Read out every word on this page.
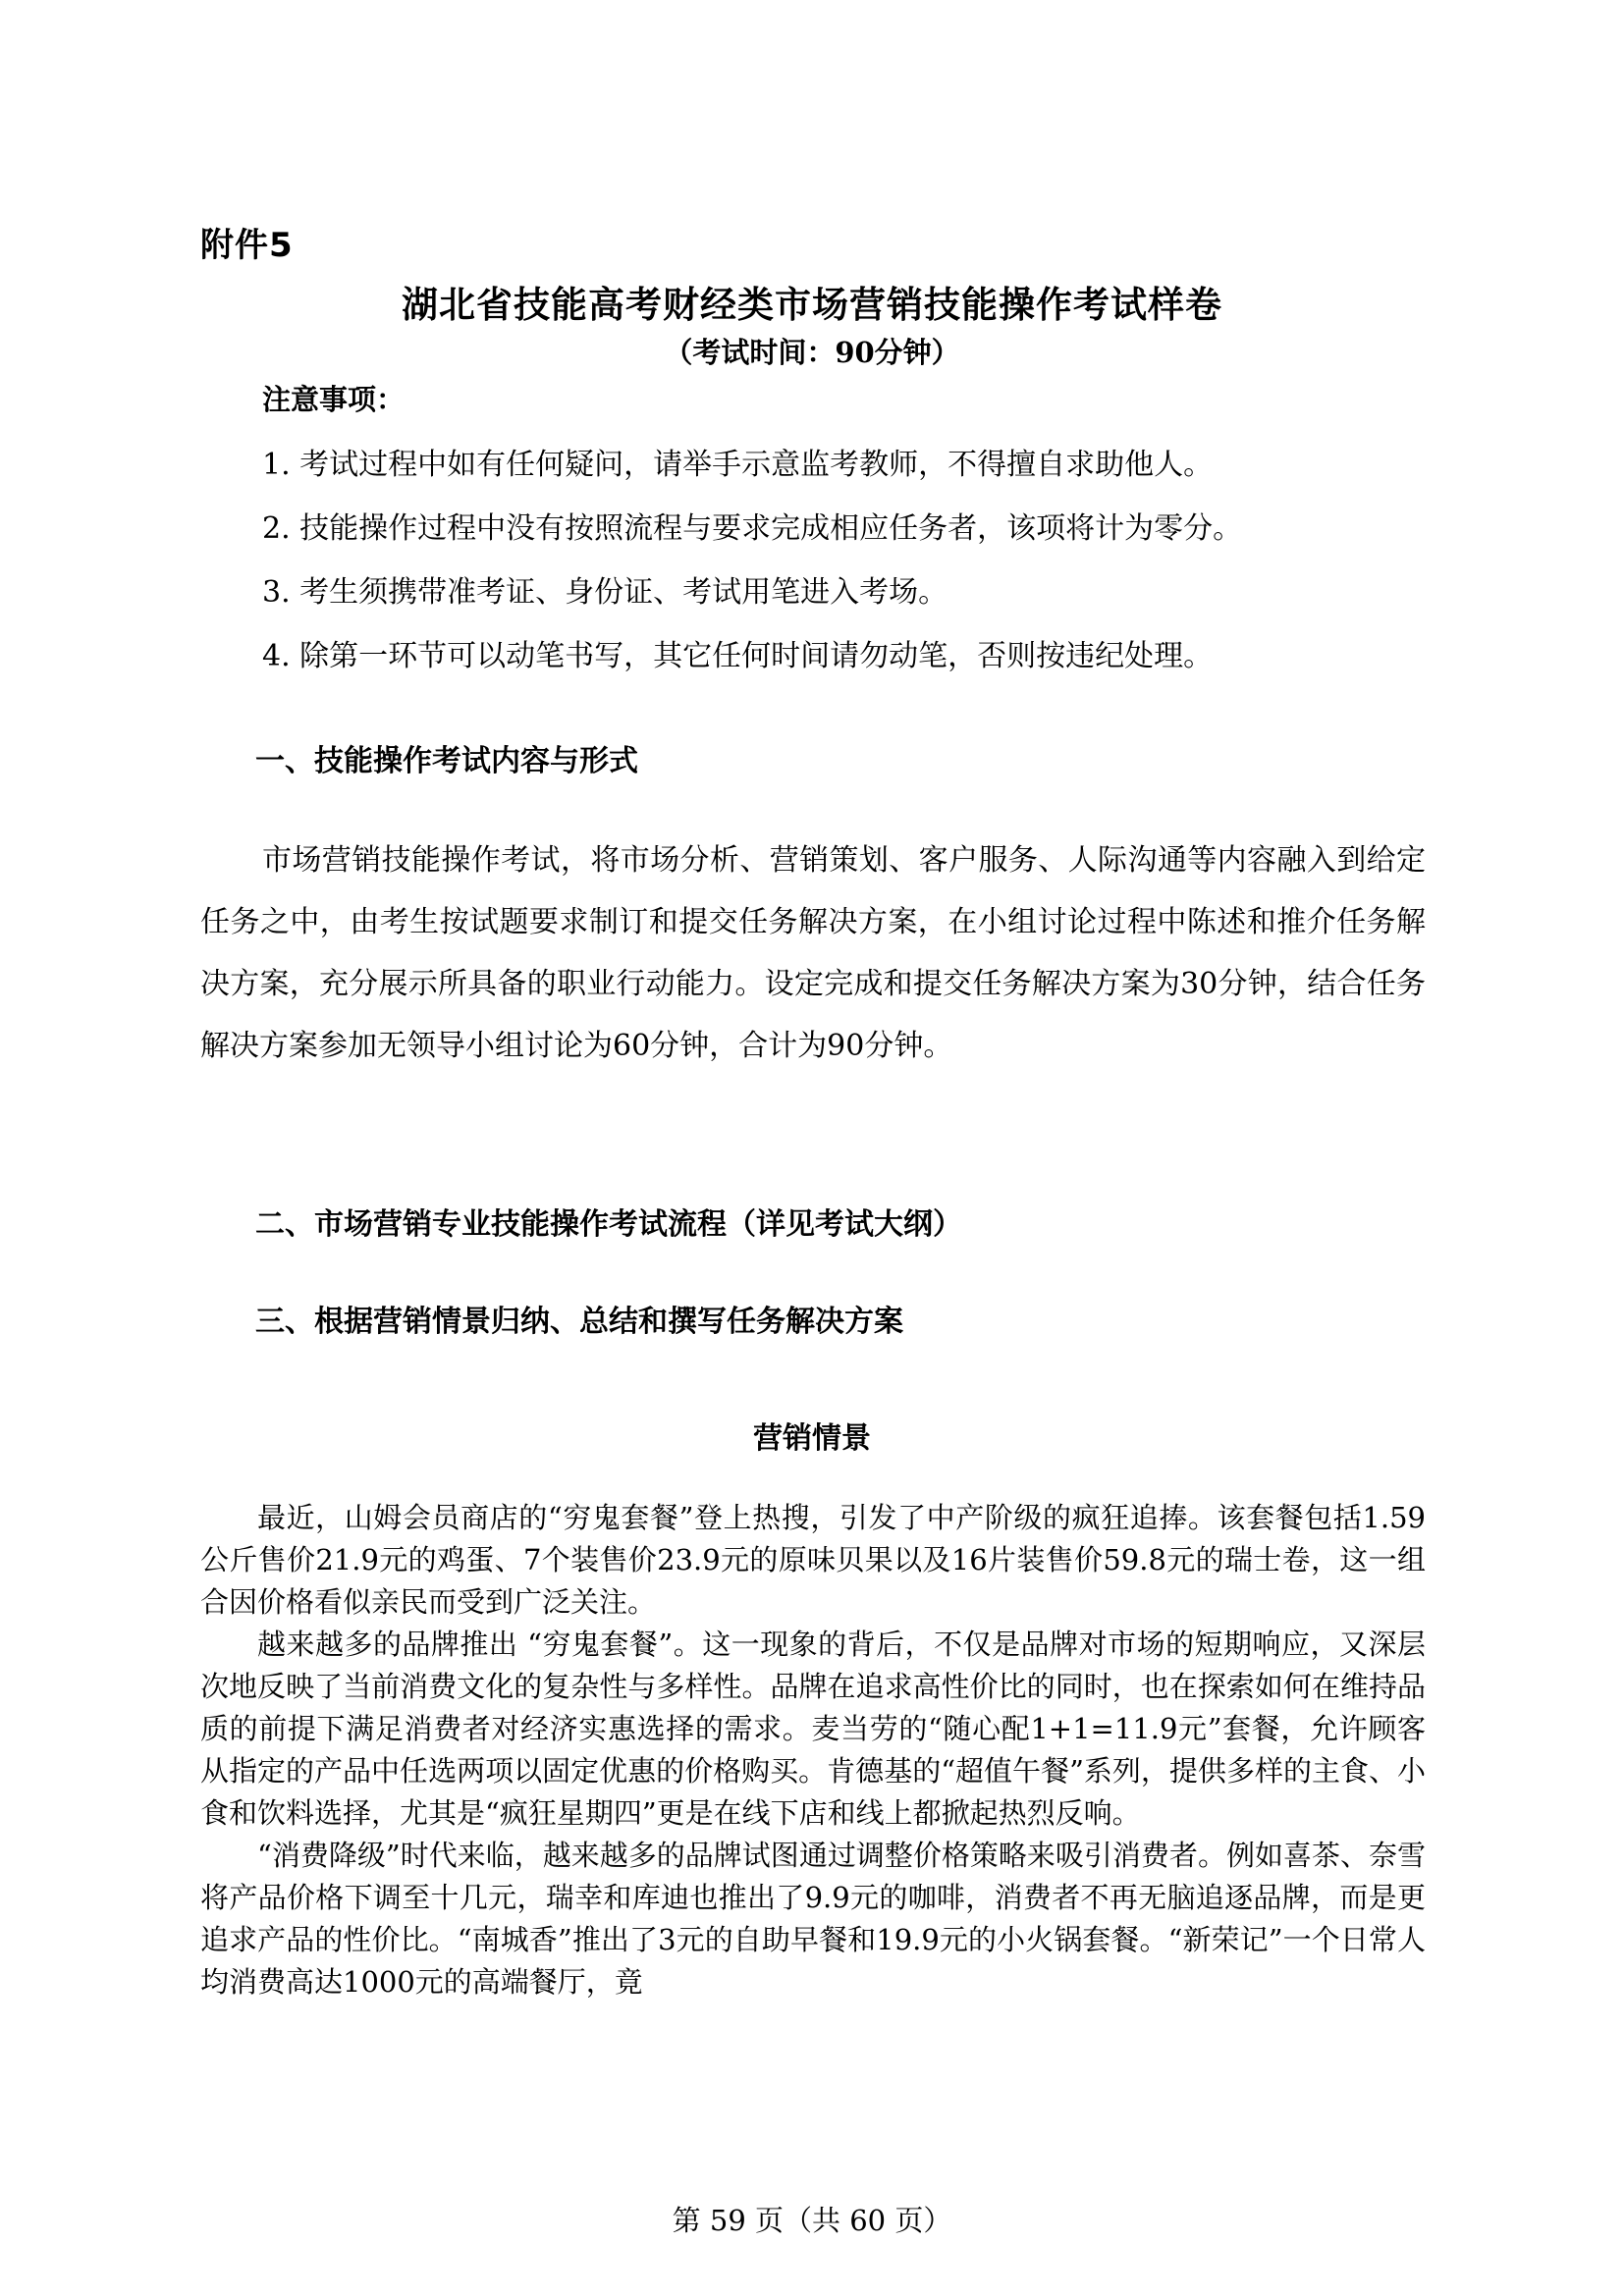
附件5
湖北省技能高考财经类市场营销技能操作考试样卷
（考试时间：90分钟）
注意事项：
1. 考试过程中如有任何疑问，请举手示意监考教师，不得擅自求助他人。
2. 技能操作过程中没有按照流程与要求完成相应任务者，该项将计为零分。
3. 考生须携带准考证、身份证、考试用笔进入考场。
4. 除第一环节可以动笔书写，其它任何时间请勿动笔，否则按违纪处理。
一、技能操作考试内容与形式
市场营销技能操作考试，将市场分析、营销策划、客户服务、人际沟通等内容融入到给定任务之中，由考生按试题要求制订和提交任务解决方案，在小组讨论过程中陈述和推介任务解决方案，充分展示所具备的职业行动能力。设定完成和提交任务解决方案为30分钟，结合任务解决方案参加无领导小组讨论为60分钟，合计为90分钟。
二、市场营销专业技能操作考试流程（详见考试大纲）
三、根据营销情景归纳、总结和撰写任务解决方案
营销情景

最近，山姆会员商店的“穷鬼套餐”登上热搜，引发了中产阶级的疯狂追捧。该套餐包括1.59公斤售价21.9元的鸡蛋、7个装售价23.9元的原味贝果以及16片装售价59.8元的瑞士卷，这一组合因价格看似亲民而受到广泛关注。

越来越多的品牌推出 “穷鬼套餐”。这一现象的背后，不仅是品牌对市场的短期响应，又深层次地反映了当前消费文化的复杂性与多样性。品牌在追求高性价比的同时，也在探索如何在维持品质的前提下满足消费者对经济实惠选择的需求。麦当劳的“随心配1+1=11.9元”套餐，允许顾客从指定的产品中任选两项以固定优惠的价格购买。肯德基的“超值午餐”系列，提供多样的主食、小食和饮料选择，尤其是“疯狂星期四”更是在线下店和线上都掀起热烈反响。

“消费降级”时代来临，越来越多的品牌试图通过调整价格策略来吸引消费者。例如喜茶、奈雪将产品价格下调至十几元，瑞幸和库迪也推出了9.9元的咖啡，消费者不再无脑追逐品牌，而是更追求产品的性价比。“南城香”推出了3元的自助早餐和19.9元的小火锅套餐。“新荣记”一个日常人均消费高达1000元的高端餐厅，竟

第 59 页（共 60 页）
